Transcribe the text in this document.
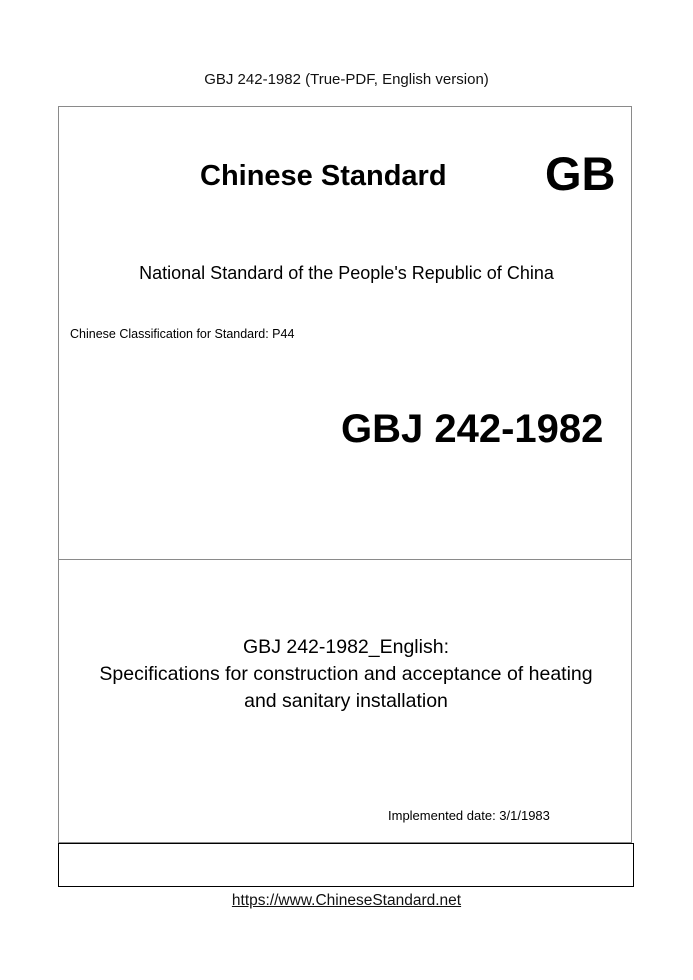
GBJ 242-1982 (True-PDF, English version)
Chinese Standard GB
National Standard of the People's Republic of China
Chinese Classification for Standard: P44
GBJ 242-1982
GBJ 242-1982_English:
Specifications for construction and acceptance of heating
and sanitary installation
Implemented date: 3/1/1983
https://www.ChineseStandard.net
